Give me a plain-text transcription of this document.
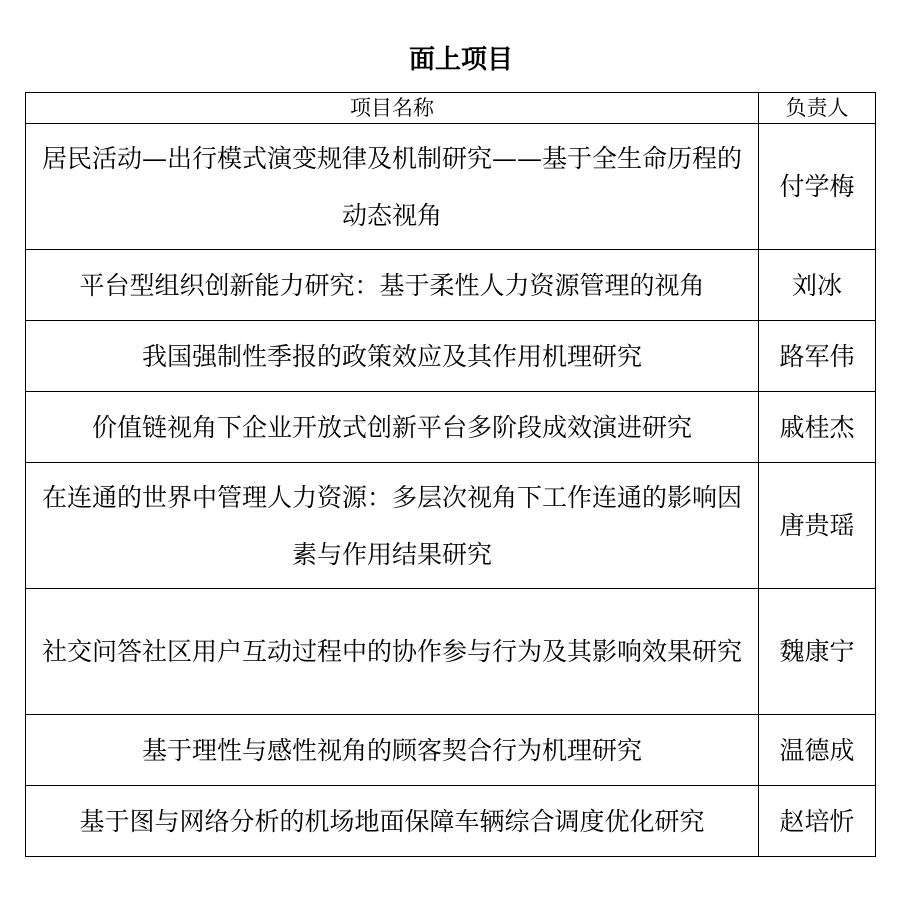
面上项目
项目名称	负责人
居民活动—出行模式演变规律及机制研究——基于全生命历程的动态视角	付学梅
平台型组织创新能力研究：基于柔性人力资源管理的视角	刘冰
我国强制性季报的政策效应及其作用机理研究	路军伟
价值链视角下企业开放式创新平台多阶段成效演进研究	戚桂杰
在连通的世界中管理人力资源：多层次视角下工作连通的影响因素与作用结果研究	唐贵瑶
社交问答社区用户互动过程中的协作参与行为及其影响效果研究	魏康宁
基于理性与感性视角的顾客契合行为机理研究	温德成
基于图与网络分析的机场地面保障车辆综合调度优化研究	赵培忻
